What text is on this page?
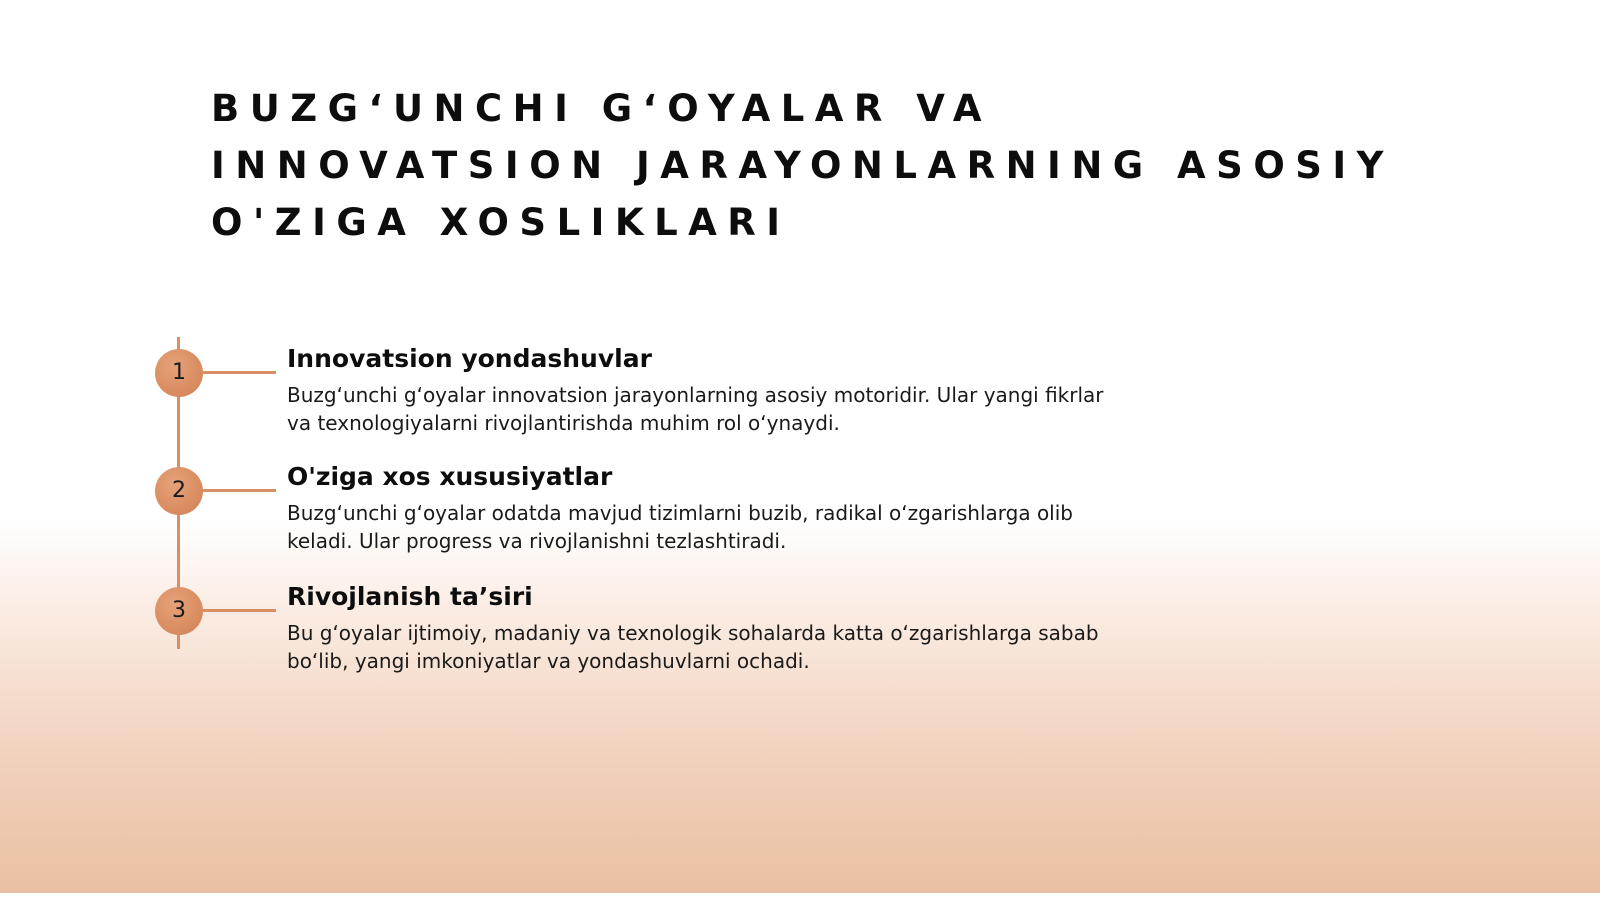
BUZG‘UNCHI G‘OYALAR VA INNOVATSION JARAYONLARNING ASOSIY O'ZIGA XOSLIKLARI
1	Innovatsion yondashuvlar

Buzg‘unchi g‘oyalar innovatsion jarayonlarning asosiy motoridir. Ular yangi fikrlar va texnologiyalarni rivojlantirishda muhim rol o‘ynaydi.

2	O'ziga xos xususiyatlar

Buzg‘unchi g‘oyalar odatda mavjud tizimlarni buzib, radikal o‘zgarishlarga olib keladi. Ular progress va rivojlanishni tezlashtiradi.

3	Rivojlanish ta’siri

Bu g‘oyalar ijtimoiy, madaniy va texnologik sohalarda katta o‘zgarishlarga sabab bo‘lib, yangi imkoniyatlar va yondashuvlarni ochadi.
